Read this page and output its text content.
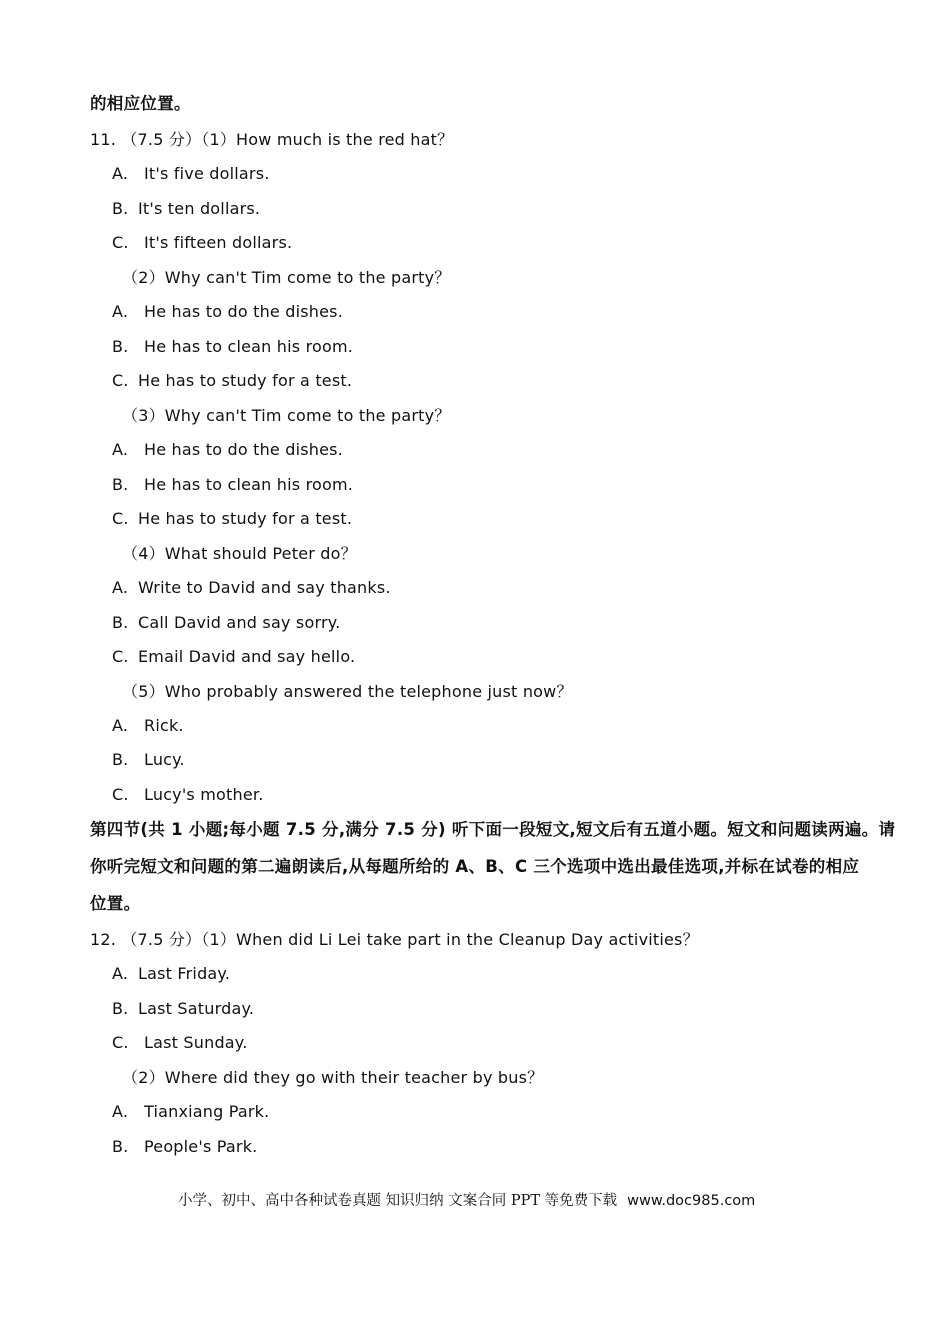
的相应位置。
11. （7.5 分）（1）How much is the red hat？
A. It's five dollars.
B. It's ten dollars.
C. It's fifteen dollars.
（2）Why can't Tim come to the party？
A. He has to do the dishes.
B. He has to clean his room.
C. He has to study for a test.
（3）Why can't Tim come to the party？
A. He has to do the dishes.
B. He has to clean his room.
C. He has to study for a test.
（4）What should Peter do？
A. Write to David and say thanks.
B. Call David and say sorry.
C. Email David and say hello.
（5）Who probably answered the telephone just now？
A. Rick.
B. Lucy.
C. Lucy's mother.
第四节(共 1 小题;每小题 7.5 分,满分 7.5 分) 听下面一段短文,短文后有五道小题。短文和问题读两遍。请
你听完短文和问题的第二遍朗读后,从每题所给的 A、B、C 三个选项中选出最佳选项,并标在试卷的相应
位置。
12. （7.5 分）（1）When did Li Lei take part in the Cleanup Day activities？
A. Last Friday.
B. Last Saturday.
C. Last Sunday.
（2）Where did they go with their teacher by bus？
A. Tianxiang Park.
B. People's Park.
小学、初中、高中各种试卷真题 知识归纳 文案合同 PPT 等免费下载 www.doc985.com
